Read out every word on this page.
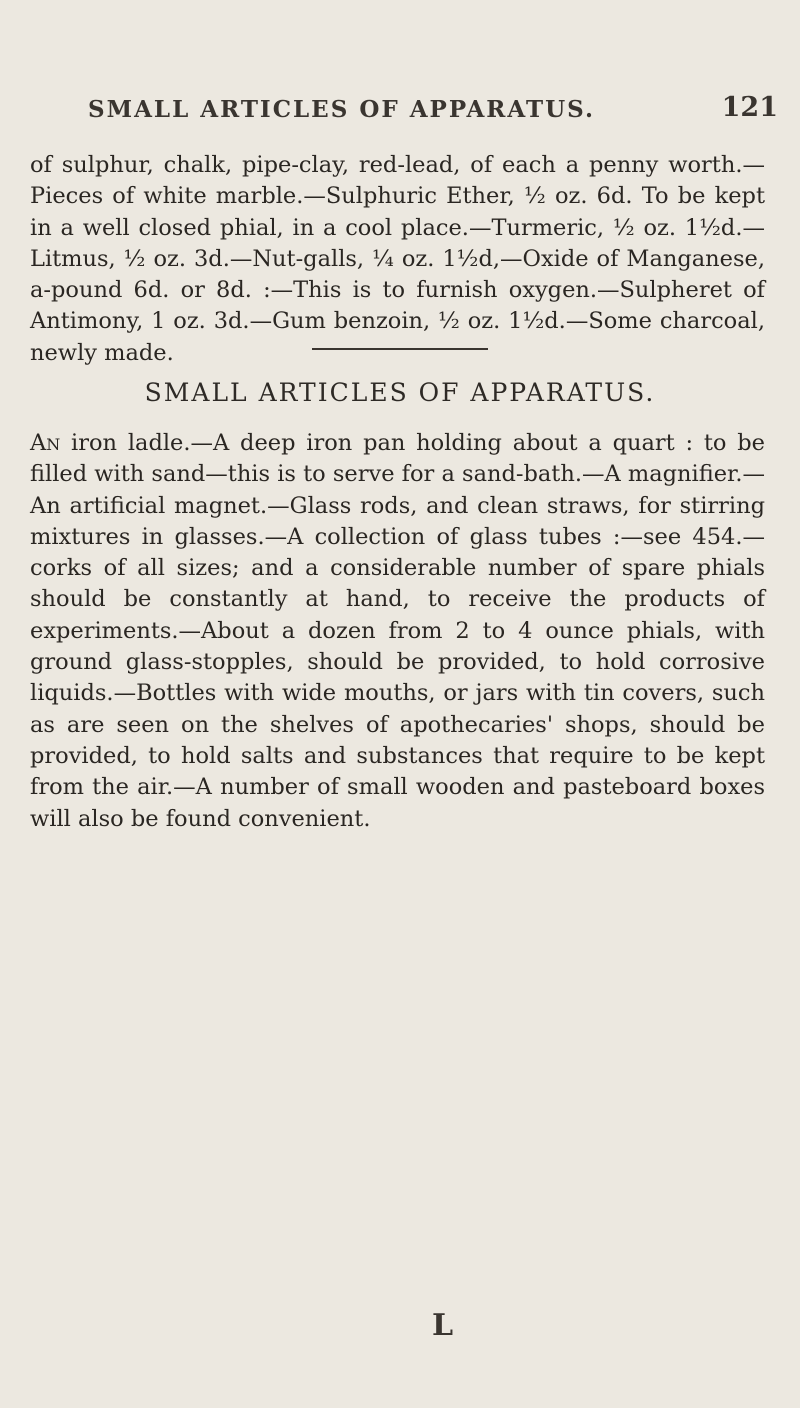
SMALL ARTICLES OF APPARATUS.	121

of sulphur, chalk, pipe-clay, red-lead, of each a penny worth.—Pieces of white marble.—Sulphuric Ether, ½ oz. 6d. To be kept in a well closed phial, in a cool place.—Turmeric, ½ oz. 1½d.—Litmus, ½ oz. 3d.—Nut-galls, ¼ oz. 1½d,—Oxide of Manganese, a-pound 6d. or 8d. :—This is to furnish oxygen.—Sulpheret of Antimony, 1 oz. 3d.—Gum benzoin, ½ oz. 1½d.—Some charcoal, newly made.

SMALL ARTICLES OF APPARATUS.

An iron ladle.—A deep iron pan holding about a quart : to be filled with sand—this is to serve for a sand-bath.—A magnifier.—An artificial magnet.—Glass rods, and clean straws, for stirring mixtures in glasses.—A collection of glass tubes :—see 454.—corks of all sizes; and a considerable number of spare phials should be constantly at hand, to receive the products of experiments.—About a dozen from 2 to 4 ounce phials, with ground glass-stopples, should be provided, to hold corrosive liquids.—Bottles with wide mouths, or jars with tin covers, such as are seen on the shelves of apothecaries' shops, should be provided, to hold salts and substances that require to be kept from the air.—A number of small wooden and pasteboard boxes will also be found convenient.

L
